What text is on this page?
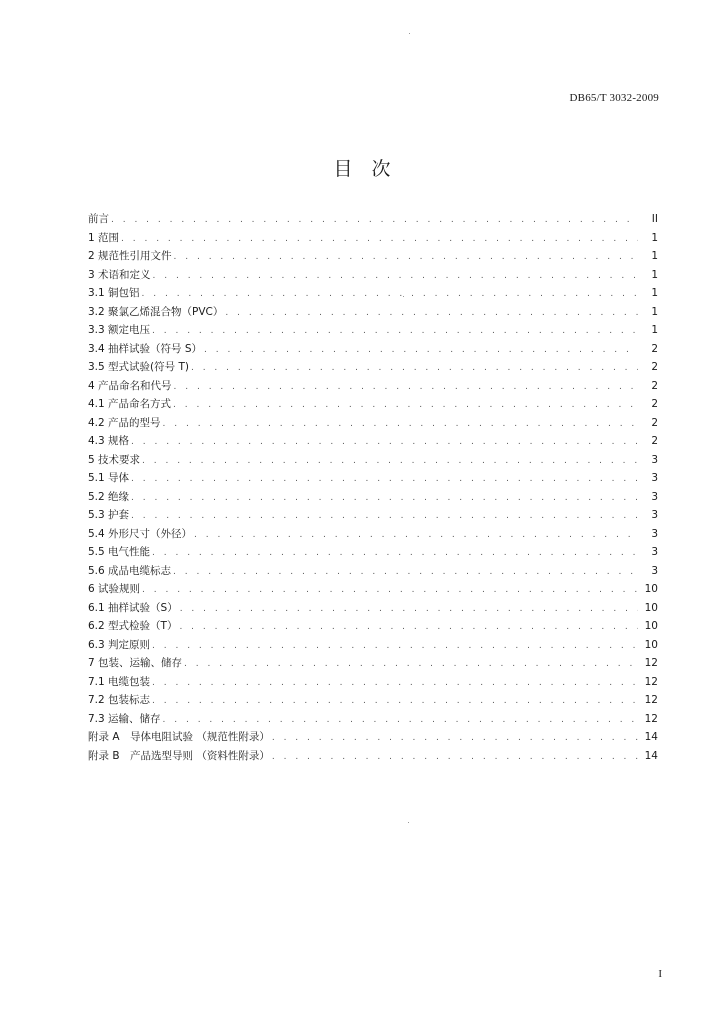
DB65/T 3032-2009
目　次
前言 . . .	II
1 范围 . . .	1
2 规范性引用文件 . . .	1
3 术语和定义 . . .	1
3.1 铜包铝 . . .	1
3.2 聚氯乙烯混合物（PVC） . . .	1
3.3 额定电压 . . .	1
3.4 抽样试验（符号 S） . . .	2
3.5 型式试验(符号 T) . . .	2
4 产品命名和代号 . . .	2
4.1 产品命名方式 . . .	2
4.2 产品的型号 . . .	2
4.3 规格 . . .	2
5 技术要求 . . .	3
5.1 导体 . . .	3
5.2 绝缘 . . .	3
5.3 护套 . . .	3
5.4 外形尺寸（外径） . . .	3
5.5 电气性能 . . .	3
5.6 成品电缆标志 . . .	3
6 试验规则 . . .	10
6.1 抽样试验（S） . . .	10
6.2 型式检验（T） . . .	10
6.3 判定原则 . . .	10
7 包装、运输、储存 . . .	12
7.1 电缆包装 . . .	12
7.2 包装标志 . . .	12
7.3 运输、储存 . . .	12
附录 A　导体电阻试验 （规范性附录） . . .	14
附录 B　产品选型导则 （资料性附录） . . .	14
I
